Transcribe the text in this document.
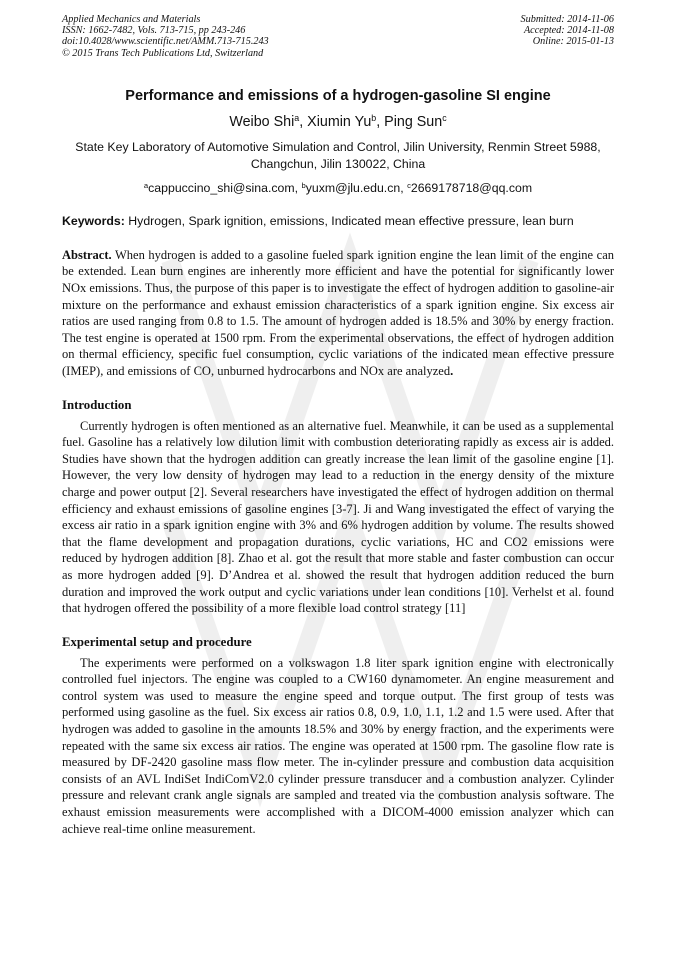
Applied Mechanics and Materials
ISSN: 1662-7482, Vols. 713-715, pp 243-246
doi:10.4028/www.scientific.net/AMM.713-715.243
© 2015 Trans Tech Publications Ltd, Switzerland
Submitted: 2014-11-06
Accepted: 2014-11-08
Online: 2015-01-13
Performance and emissions of a hydrogen-gasoline SI engine
Weibo Shi$^a$, Xiumin Yu$^b$, Ping Sun$^c$
State Key Laboratory of Automotive Simulation and Control, Jilin University, Renmin Street 5988,
Changchun, Jilin 130022, China
$^a$cappuccino_shi@sina.com, $^b$yuxm@jlu.edu.cn, $^c$2669178718@qq.com
Keywords: Hydrogen, Spark ignition, emissions, Indicated mean effective pressure, lean burn
Abstract. When hydrogen is added to a gasoline fueled spark ignition engine the lean limit of the engine can be extended. Lean burn engines are inherently more efficient and have the potential for significantly lower NOx emissions. Thus, the purpose of this paper is to investigate the effect of hydrogen addition to gasoline-air mixture on the performance and exhaust emission characteristics of a spark ignition engine. Six excess air ratios are used ranging from 0.8 to 1.5. The amount of hydrogen added is 18.5% and 30% by energy fraction. The test engine is operated at 1500 rpm. From the experimental observations, the effect of hydrogen addition on thermal efficiency, specific fuel consumption, cyclic variations of the indicated mean effective pressure (IMEP), and emissions of CO, unburned hydrocarbons and NOx are analyzed.
Introduction
Currently hydrogen is often mentioned as an alternative fuel. Meanwhile, it can be used as a supplemental fuel. Gasoline has a relatively low dilution limit with combustion deteriorating rapidly as excess air is added. Studies have shown that the hydrogen addition can greatly increase the lean limit of the gasoline engine [1]. However, the very low density of hydrogen may lead to a reduction in the energy density of the mixture charge and power output [2]. Several researchers have investigated the effect of hydrogen addition on thermal efficiency and exhaust emissions of gasoline engines [3-7]. Ji and Wang investigated the effect of varying the excess air ratio in a spark ignition engine with 3% and 6% hydrogen addition by volume. The results showed that the flame development and propagation durations, cyclic variations, HC and CO2 emissions were reduced by hydrogen addition [8]. Zhao et al. got the result that more stable and faster combustion can occur as more hydrogen added [9]. D’Andrea et al. showed the result that hydrogen addition reduced the burn duration and improved the work output and cyclic variations under lean conditions [10]. Verhelst et al. found that hydrogen offered the possibility of a more flexible load control strategy [11]
Experimental setup and procedure
The experiments were performed on a volkswagon 1.8 liter spark ignition engine with electronically controlled fuel injectors. The engine was coupled to a CW160 dynamometer. An engine measurement and control system was used to measure the engine speed and torque output. The first group of tests was performed using gasoline as the fuel. Six excess air ratios 0.8, 0.9, 1.0, 1.1, 1.2 and 1.5 were used. After that hydrogen was added to gasoline in the amounts 18.5% and 30% by energy fraction, and the experiments were repeated with the same six excess air ratios. The engine was operated at 1500 rpm. The gasoline flow rate is measured by DF-2420 gasoline mass flow meter. The in-cylinder pressure and combustion data acquisition consists of an AVL IndiSet IndiComV2.0 cylinder pressure transducer and a combustion analyzer. Cylinder pressure and relevant crank angle signals are sampled and treated via the combustion analysis software. The exhaust emission measurements were accomplished with a DICOM-4000 emission analyzer which can achieve real-time online measurement.
